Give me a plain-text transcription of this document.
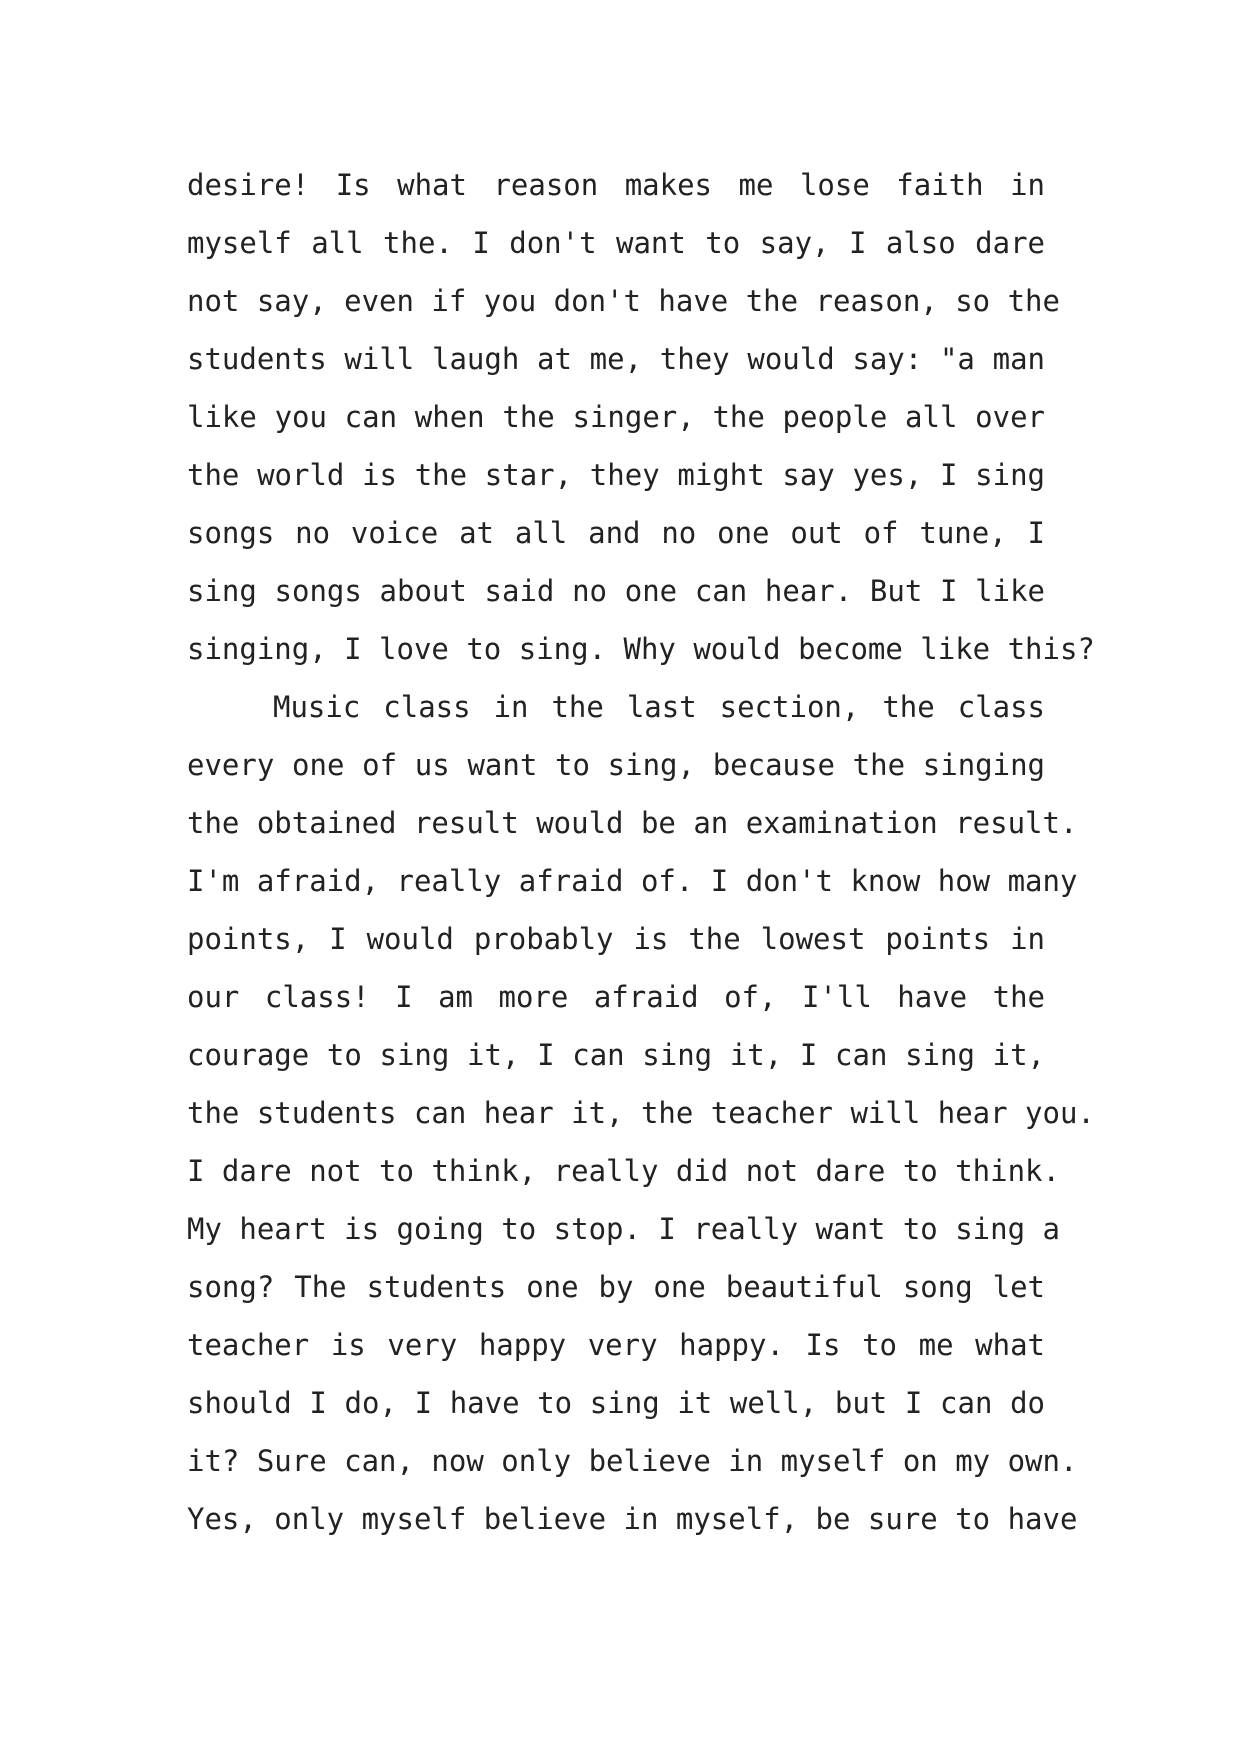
desire! Is what reason makes me lose faith in
myself all the. I don't want to say, I also dare
not say, even if you don't have the reason, so the
students will laugh at me, they would say: "a man
like you can when the singer, the people all over
the world is the star, they might say yes, I sing
songs no voice at all and no one out of tune, I
sing songs about said no one can hear. But I like
singing, I love to sing. Why would become like this?
Music class in the last section, the class
every one of us want to sing, because the singing
the obtained result would be an examination result.
I'm afraid, really afraid of. I don't know how many
points, I would probably is the lowest points in
our class! I am more afraid of, I'll have the
courage to sing it, I can sing it, I can sing it,
the students can hear it, the teacher will hear you.
I dare not to think, really did not dare to think.
My heart is going to stop. I really want to sing a
song? The students one by one beautiful song let
teacher is very happy very happy. Is to me what
should I do, I have to sing it well, but I can do
it? Sure can, now only believe in myself on my own.
Yes, only myself believe in myself, be sure to have
